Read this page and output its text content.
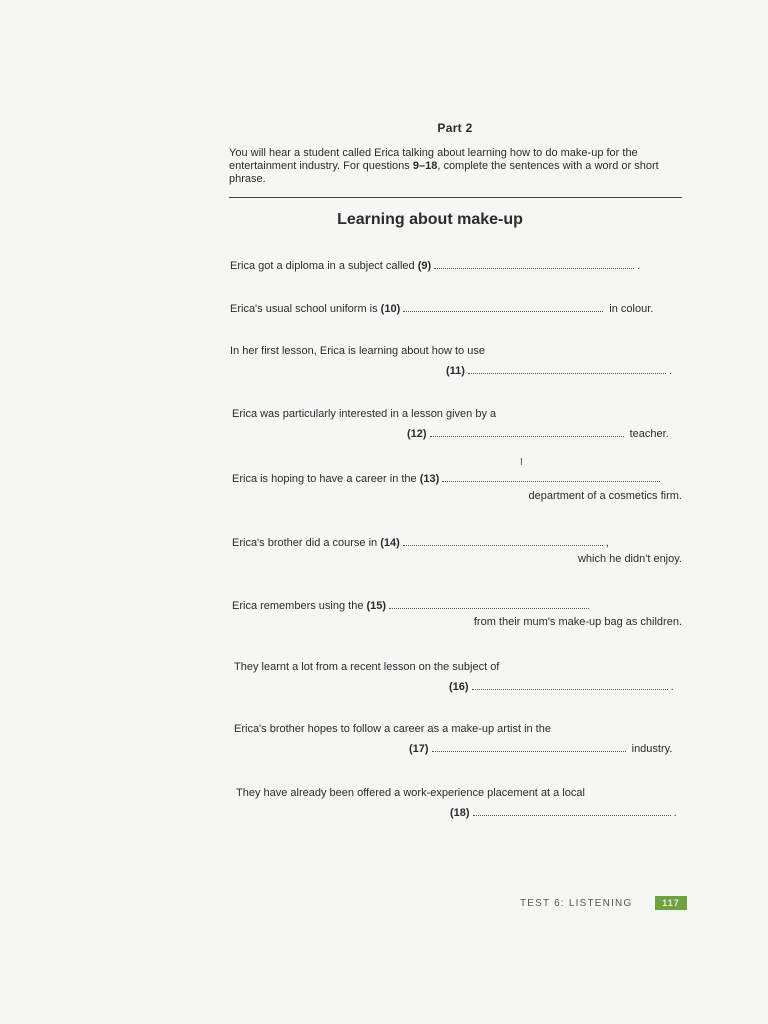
Part 2
You will hear a student called Erica talking about learning how to do make-up for the entertainment industry. For questions 9–18, complete the sentences with a word or short phrase.
Learning about make-up
Erica got a diploma in a subject called (9)	.
Erica's usual school uniform is (10)	in colour.
In her first lesson, Erica is learning about how to use
(11)	.
Erica was particularly interested in a lesson given by a
(12)	teacher.
I
Erica is hoping to have a career in the (13)
department of a cosmetics firm.
Erica's brother did a course in (14)	,
which he didn't enjoy.
Erica remembers using the (15)
from their mum's make-up bag as children.
They learnt a lot from a recent lesson on the subject of
(16)	.
Erica's brother hopes to follow a career as a make-up artist in the
(17)	industry.
They have already been offered a work-experience placement at a local
(18)	.
TEST 6: LISTENING	117
